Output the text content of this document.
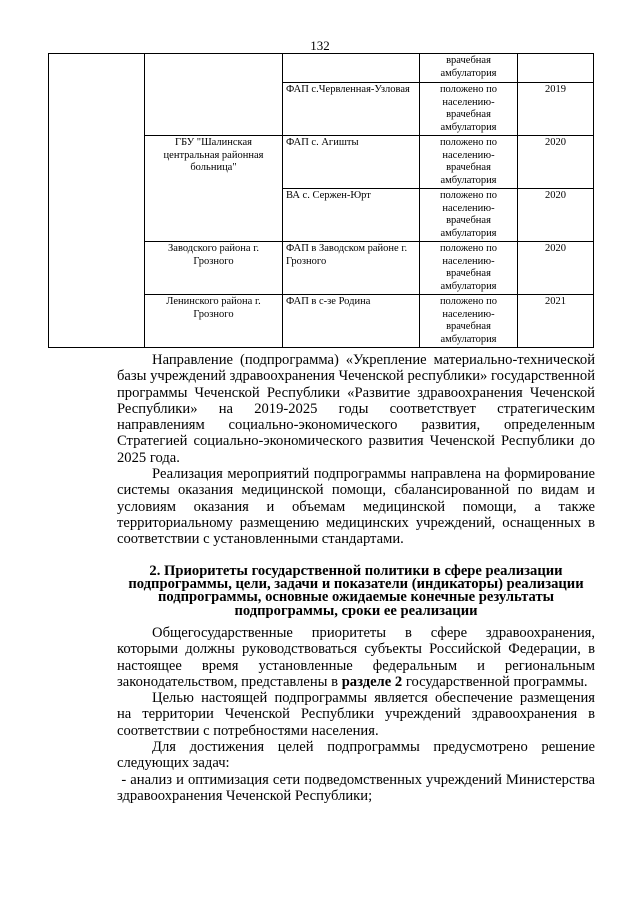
132
			врачебная амбулатория	
		ФАП с.Червленная-Узловая	положено по населению-врачебная амбулатория	2019
	ГБУ "Шалинская центральная районная больница"	ФАП с. Агишты	положено по населению-врачебная амбулатория	2020
		ВА с. Сержен-Юрт	положено по населению-врачебная амбулатория	2020
	Заводского района г. Грозного	ФАП в Заводском районе г. Грозного	положено по населению-врачебная амбулатория	2020
	Ленинского района г. Грозного	ФАП в с-зе Родина	положено по населению-врачебная амбулатория	2021

Направление (подпрограмма) «Укрепление материально-технической базы учреждений здравоохранения Чеченской республики» государственной программы Чеченской Республики «Развитие здравоохранения Чеченской Республики» на 2019-2025 годы соответствует стратегическим направлениям социально-экономического развития, определенным Стратегией социально-экономического развития Чеченской Республики до 2025 года.

Реализация мероприятий подпрограммы направлена на формирование системы оказания медицинской помощи, сбалансированной по видам и условиям оказания и объемам медицинской помощи, а также территориальному размещению медицинских учреждений, оснащенных в соответствии с установленными стандартами.

2. Приоритеты государственной политики в сфере реализации подпрограммы, цели, задачи и показатели (индикаторы) реализации подпрограммы, основные ожидаемые конечные результаты подпрограммы, сроки ее реализации

Общегосударственные приоритеты в сфере здравоохранения, которыми должны руководствоваться субъекты Российской Федерации, в настоящее время установленные федеральным и региональным законодательством, представлены в разделе 2 государственной программы.

Целью настоящей подпрограммы является обеспечение размещения на территории Чеченской Республики учреждений здравоохранения в соответствии с потребностями населения.

Для достижения целей подпрограммы предусмотрено решение следующих задач:

- анализ и оптимизация сети подведомственных учреждений Министерства здравоохранения Чеченской Республики;
